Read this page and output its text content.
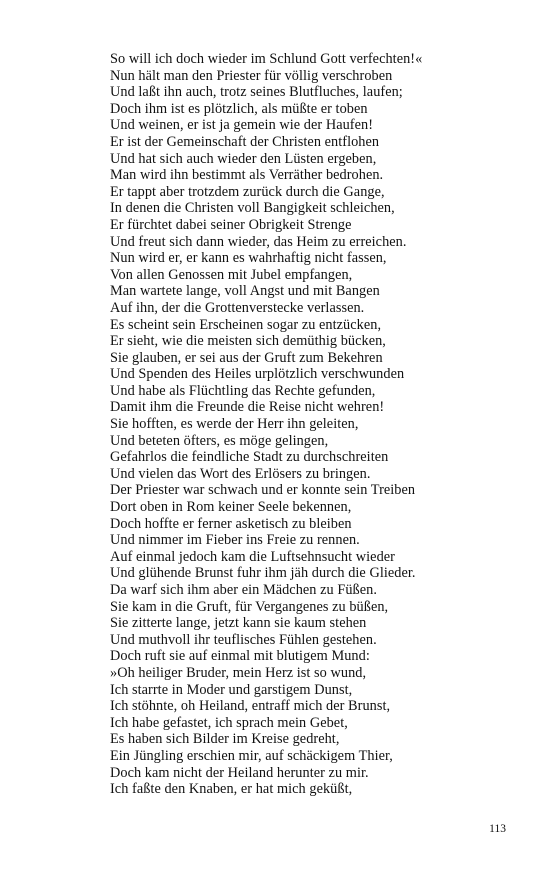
So will ich doch wieder im Schlund Gott verfechten!«
Nun hält man den Priester für völlig verschroben
Und laßt ihn auch, trotz seines Blutfluches, laufen;
Doch ihm ist es plötzlich, als müßte er toben
Und weinen, er ist ja gemein wie der Haufen!
Er ist der Gemeinschaft der Christen entflohen
Und hat sich auch wieder den Lüsten ergeben,
Man wird ihn bestimmt als Verräther bedrohen.
Er tappt aber trotzdem zurück durch die Gange,
In denen die Christen voll Bangigkeit schleichen,
Er fürchtet dabei seiner Obrigkeit Strenge
Und freut sich dann wieder, das Heim zu erreichen.
Nun wird er, er kann es wahrhaftig nicht fassen,
Von allen Genossen mit Jubel empfangen,
Man wartete lange, voll Angst und mit Bangen
Auf ihn, der die Grottenverstecke verlassen.
Es scheint sein Erscheinen sogar zu entzücken,
Er sieht, wie die meisten sich demüthig bücken,
Sie glauben, er sei aus der Gruft zum Bekehren
Und Spenden des Heiles urplötzlich verschwunden
Und habe als Flüchtling das Rechte gefunden,
Damit ihm die Freunde die Reise nicht wehren!
Sie hofften, es werde der Herr ihn geleiten,
Und beteten öfters, es möge gelingen,
Gefahrlos die feindliche Stadt zu durchschreiten
Und vielen das Wort des Erlösers zu bringen.
Der Priester war schwach und er konnte sein Treiben
Dort oben in Rom keiner Seele bekennen,
Doch hoffte er ferner asketisch zu bleiben
Und nimmer im Fieber ins Freie zu rennen.
Auf einmal jedoch kam die Luftsehnsucht wieder
Und glühende Brunst fuhr ihm jäh durch die Glieder.
Da warf sich ihm aber ein Mädchen zu Füßen.
Sie kam in die Gruft, für Vergangenes zu büßen,
Sie zitterte lange, jetzt kann sie kaum stehen
Und muthvoll ihr teuflisches Fühlen gestehen.
Doch ruft sie auf einmal mit blutigem Mund:
»Oh heiliger Bruder, mein Herz ist so wund,
Ich starrte in Moder und garstigem Dunst,
Ich stöhnte, oh Heiland, entraff mich der Brunst,
Ich habe gefastet, ich sprach mein Gebet,
Es haben sich Bilder im Kreise gedreht,
Ein Jüngling erschien mir, auf schäckigem Thier,
Doch kam nicht der Heiland herunter zu mir.
Ich faßte den Knaben, er hat mich geküßt,
113
